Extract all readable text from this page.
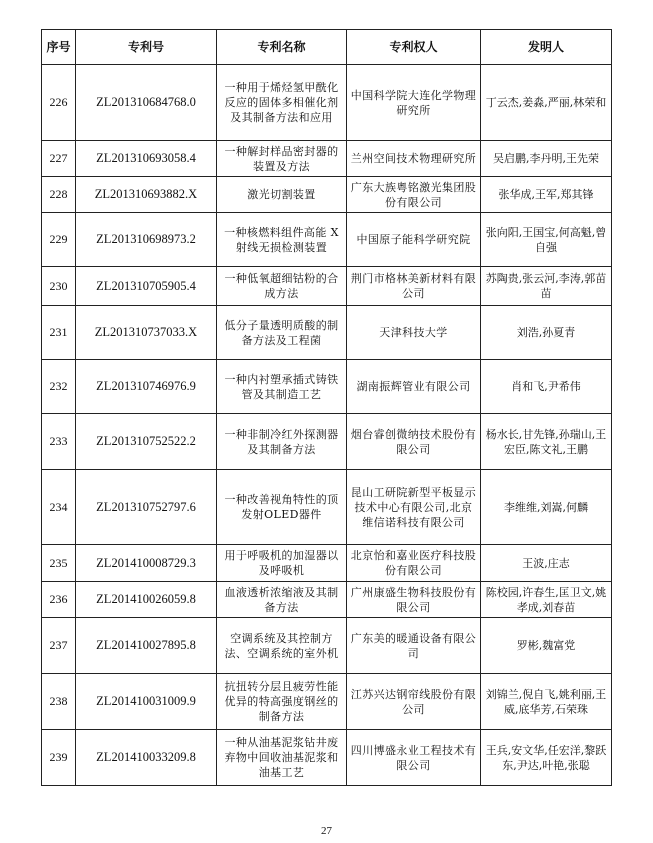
序号	专利号	专利名称	专利权人	发明人
226	ZL201310684768.0	一种用于烯烃氢甲酰化反应的固体多相催化剂及其制备方法和应用	中国科学院大连化学物理研究所	丁云杰,姜淼,严丽,林荣和
227	ZL201310693058.4	一种解封样品密封器的装置及方法	兰州空间技术物理研究所	吴启鹏,李丹明,王先荣
228	ZL201310693882.X	激光切割装置	广东大族粤铭激光集团股份有限公司	张华成,王军,郑其锋
229	ZL201310698973.2	一种核燃料组件高能 X 射线无损检测装置	中国原子能科学研究院	张向阳,王国宝,何高魁,曾自强
230	ZL201310705905.4	一种低氧超细钴粉的合成方法	荆门市格林美新材料有限公司	苏陶贵,张云河,李涛,郭苗苗
231	ZL201310737033.X	低分子量透明质酸的制备方法及工程菌	天津科技大学	刘浩,孙夏青
232	ZL201310746976.9	一种内衬塑承插式铸铁管及其制造工艺	湖南振辉管业有限公司	肖和飞,尹希伟
233	ZL201310752522.2	一种非制冷红外探测器及其制备方法	烟台睿创微纳技术股份有限公司	杨水长,甘先锋,孙瑞山,王宏臣,陈文礼,王鹏
234	ZL201310752797.6	一种改善视角特性的顶发射OLED器件	昆山工研院新型平板显示技术中心有限公司,北京维信诺科技有限公司	李维维,刘嵩,何麟
235	ZL201410008729.3	用于呼吸机的加湿器以及呼吸机	北京怡和嘉业医疗科技股份有限公司	王波,庄志
236	ZL201410026059.8	血液透析浓缩液及其制备方法	广州康盛生物科技股份有限公司	陈校园,许春生,匡卫文,姚孝成,刘春苗
237	ZL201410027895.8	空调系统及其控制方法、空调系统的室外机	广东美的暖通设备有限公司	罗彬,魏富党
238	ZL201410031009.9	抗扭转分层且疲劳性能优异的特高强度钢丝的制备方法	江苏兴达钢帘线股份有限公司	刘锦兰,倪自飞,姚利丽,王威,底华芳,石荣珠
239	ZL201410033209.8	一种从油基泥浆钻井废弃物中回收油基泥浆和油基工艺	四川博盛永业工程技术有限公司	王兵,安文华,任宏洋,黎跃东,尹达,叶艳,张聪
27
